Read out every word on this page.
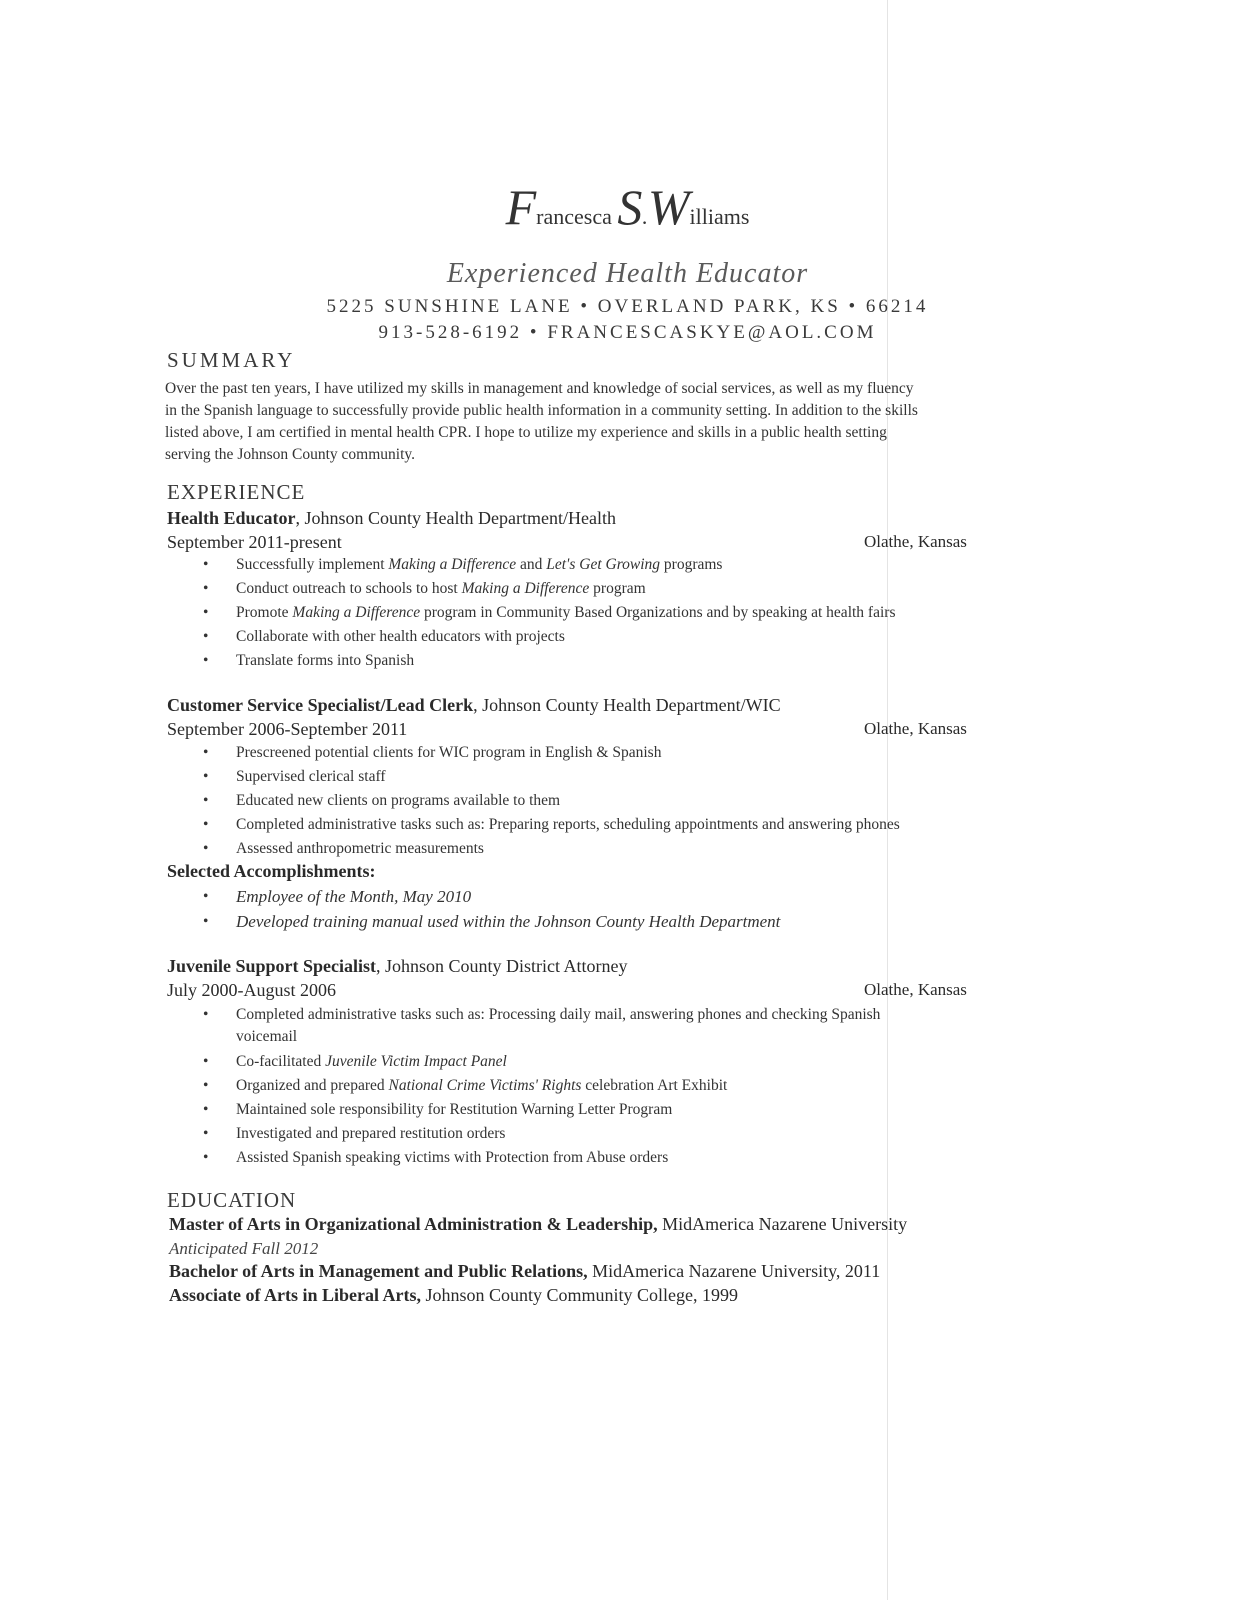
Francesca S.Williams
Experienced Health Educator
5225 SUNSHINE LANE • OVERLAND PARK, KS • 66214
913-528-6192 • FRANCESCASKYE@AOL.COM
SUMMARY
Over the past ten years, I have utilized my skills in management and knowledge of social services, as well as my fluency
in the Spanish language to successfully provide public health information in a community setting. In addition to the skills
listed above, I am certified in mental health CPR. I hope to utilize my experience and skills in a public health setting
serving the Johnson County community.
EXPERIENCE
Health Educator, Johnson County Health Department/Health
September 2011-present	Olathe, Kansas
• Successfully implement Making a Difference and Let's Get Growing programs
• Conduct outreach to schools to host Making a Difference program
• Promote Making a Difference program in Community Based Organizations and by speaking at health fairs
• Collaborate with other health educators with projects
• Translate forms into Spanish
Customer Service Specialist/Lead Clerk, Johnson County Health Department/WIC
September 2006-September 2011	Olathe, Kansas
• Prescreened potential clients for WIC program in English & Spanish
• Supervised clerical staff
• Educated new clients on programs available to them
• Completed administrative tasks such as: Preparing reports, scheduling appointments and answering phones
• Assessed anthropometric measurements
Selected Accomplishments:
• Employee of the Month, May 2010
• Developed training manual used within the Johnson County Health Department
Juvenile Support Specialist, Johnson County District Attorney
July 2000-August 2006	Olathe, Kansas
• Completed administrative tasks such as: Processing daily mail, answering phones and checking Spanish
voicemail
• Co-facilitated Juvenile Victim Impact Panel
• Organized and prepared National Crime Victims' Rights celebration Art Exhibit
• Maintained sole responsibility for Restitution Warning Letter Program
• Investigated and prepared restitution orders
• Assisted Spanish speaking victims with Protection from Abuse orders
EDUCATION
Master of Arts in Organizational Administration & Leadership, MidAmerica Nazarene University
Anticipated Fall 2012
Bachelor of Arts in Management and Public Relations, MidAmerica Nazarene University, 2011
Associate of Arts in Liberal Arts, Johnson County Community College, 1999
